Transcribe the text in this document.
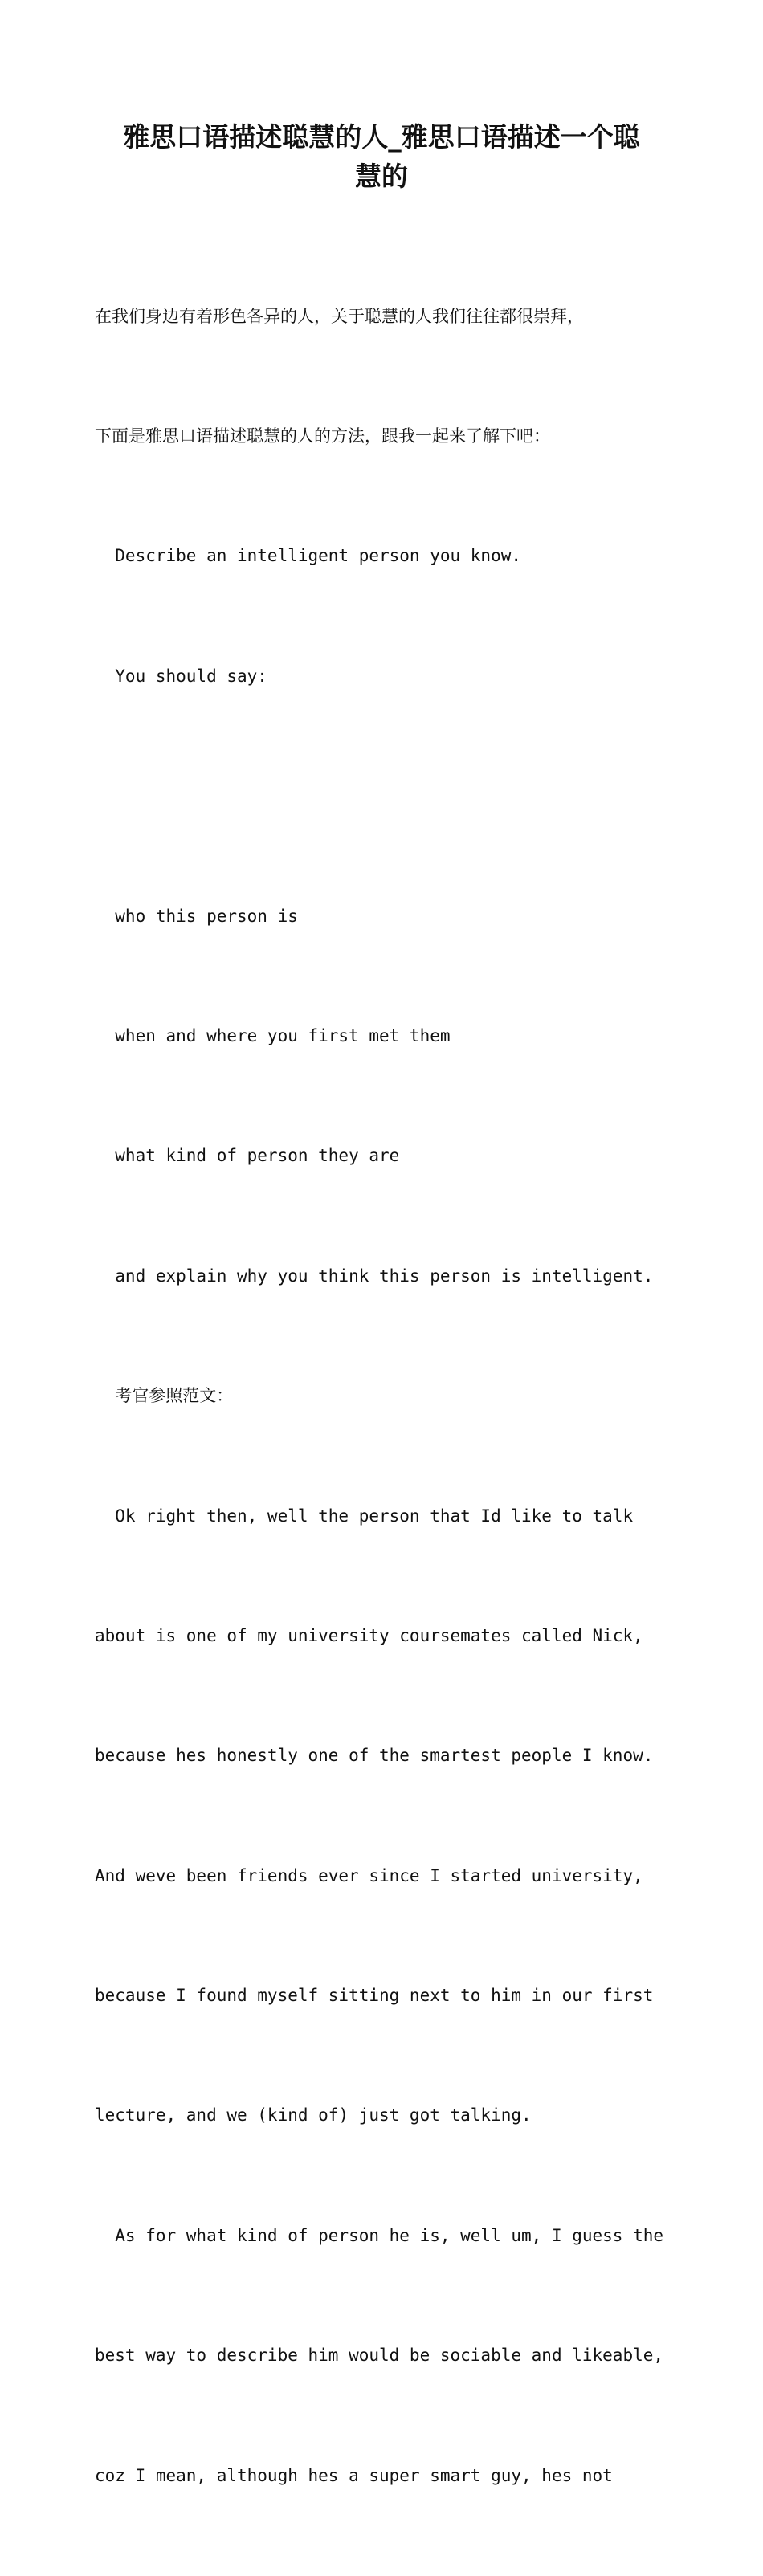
雅思口语描述聪慧的人_雅思口语描述一个聪
慧的

在我们身边有着形色各异的人，关于聪慧的人我们往往都很崇拜，

下面是雅思口语描述聪慧的人的方法，跟我一起来了解下吧：

Describe an intelligent person you know.

You should say:

who this person is

when and where you first met them

what kind of person they are

and explain why you think this person is intelligent.

考官参照范文：

Ok right then, well the person that Id like to talk

about is one of my university coursemates called Nick,

because hes honestly one of the smartest people I know.

And weve been friends ever since I started university,

because I found myself sitting next to him in our first

lecture, and we (kind of) just got talking.

As for what kind of person he is, well um, I guess the

best way to describe him would be sociable and likeable,

coz I mean, although hes a super smart guy, hes not
